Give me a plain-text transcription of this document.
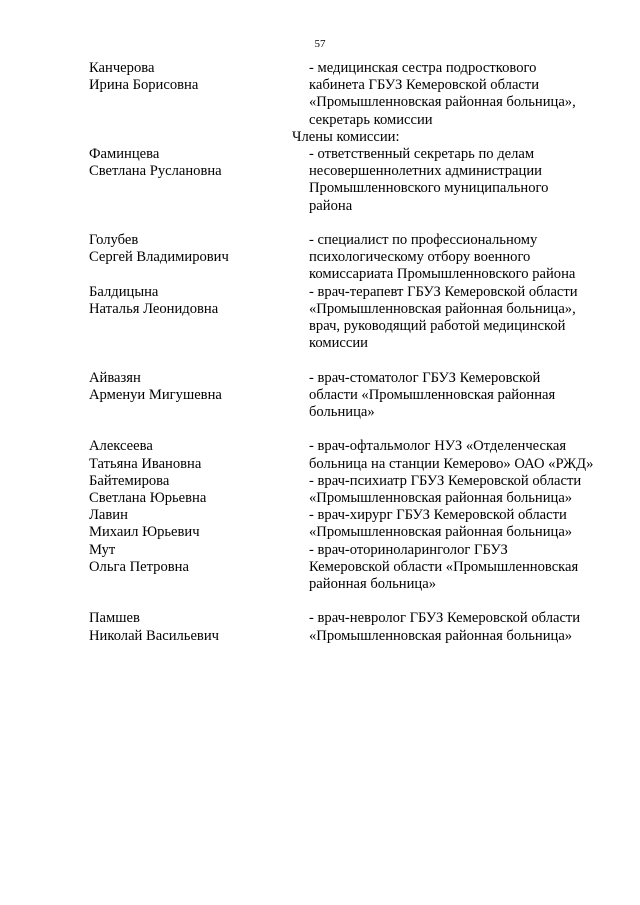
57
Канчерова
Ирина Борисовна
- медицинская сестра подросткового
кабинета ГБУЗ Кемеровской области
«Промышленновская районная больница»,
секретарь комиссии
Члены комиссии:
Фаминцева
Светлана Руслановна
- ответственный секретарь по делам
несовершеннолетних администрации
Промышленновского муниципального
района
Голубев
Сергей Владимирович
- специалист по профессиональному
психологическому отбору военного
комиссариата Промышленновского района
Балдицына
Наталья Леонидовна
- врач-терапевт ГБУЗ Кемеровской области
«Промышленновская районная больница»,
врач, руководящий работой медицинской
комиссии
Айвазян
Арменуи Мигушевна
- врач-стоматолог ГБУЗ Кемеровской
области «Промышленновская районная
больница»
Алексеева
Татьяна Ивановна
- врач-офтальмолог НУЗ «Отделенческая
больница на станции Кемерово» ОАО «РЖД»
Байтемирова
Светлана Юрьевна
- врач-психиатр ГБУЗ Кемеровской области
«Промышленновская районная больница»
Лавин
Михаил Юрьевич
- врач-хирург ГБУЗ Кемеровской области
«Промышленновская районная больница»
Мут
Ольга Петровна
- врач-оториноларинголог ГБУЗ
Кемеровской области «Промышленновская
районная больница»
Памшев
Николай Васильевич
- врач-невролог ГБУЗ Кемеровской области
«Промышленновская районная больница»
